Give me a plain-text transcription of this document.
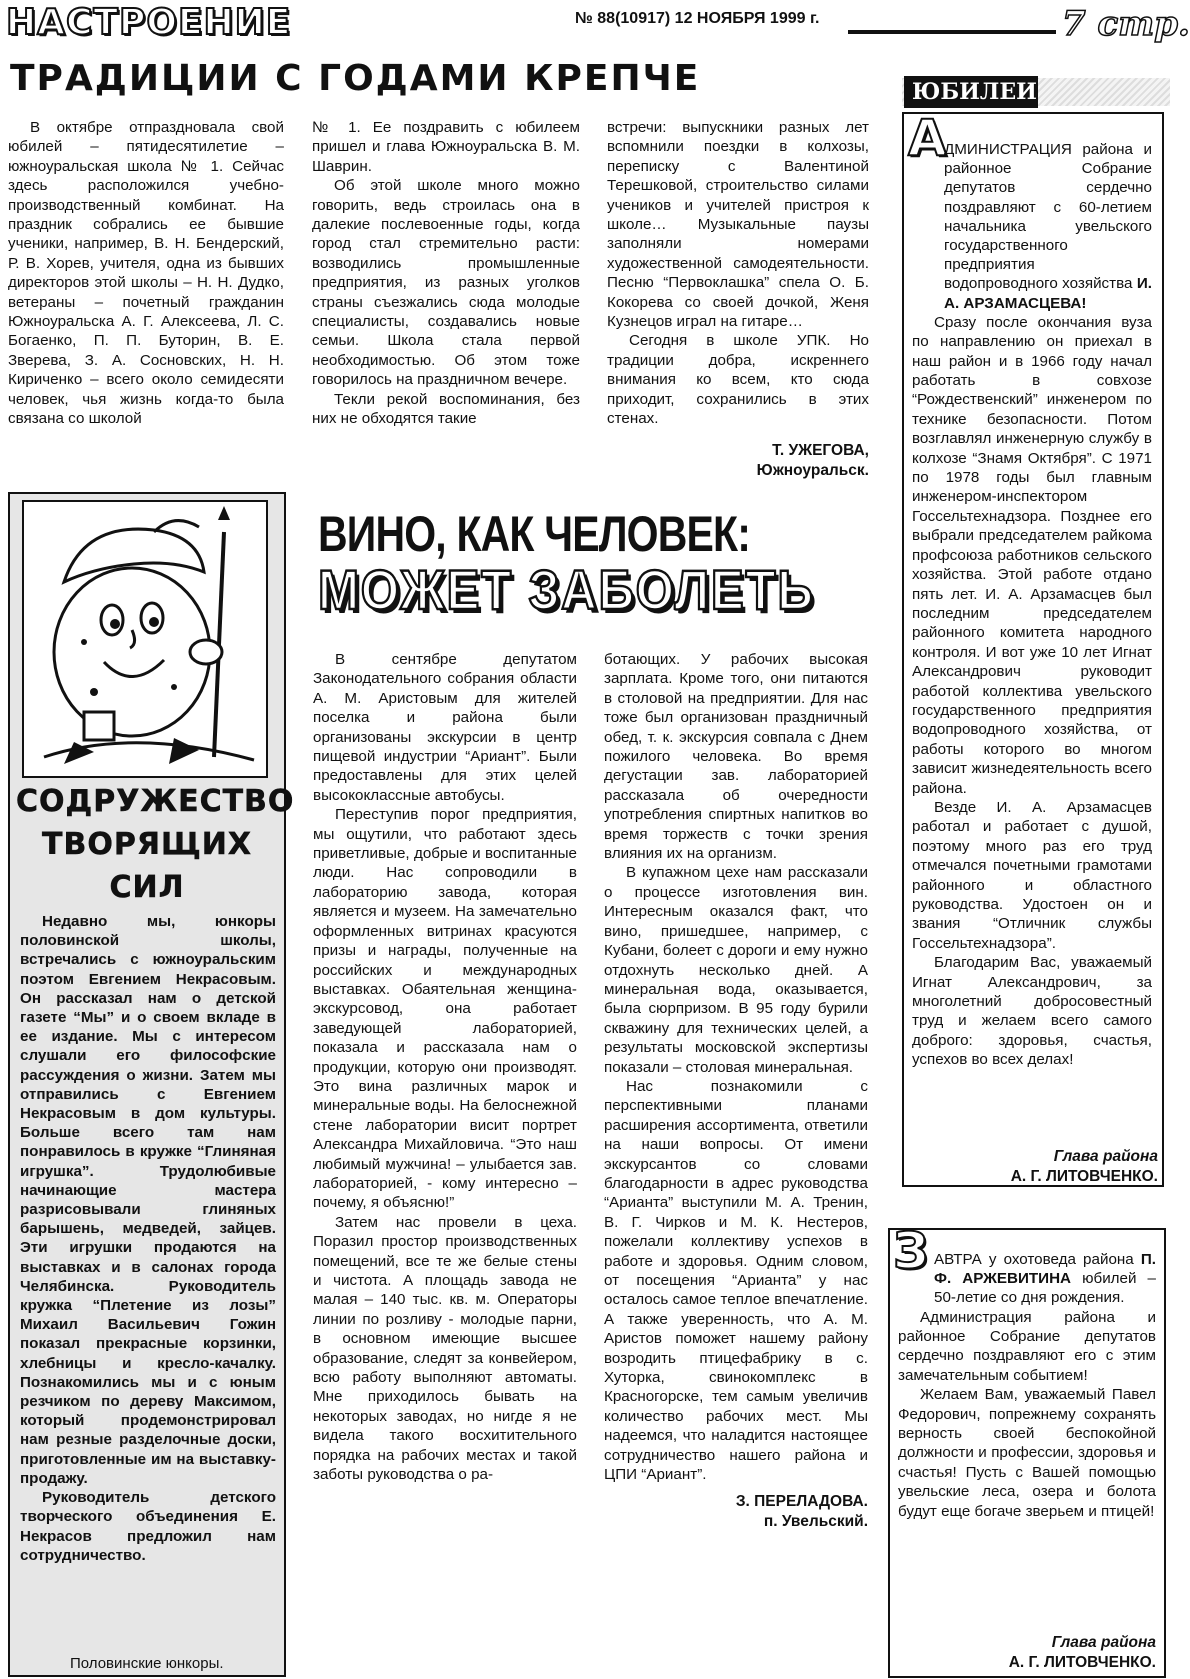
НАСТРОЕНИЕ	№ 88(10917) 12 НОЯБРЯ 1999 г.	7 стр.
ТРАДИЦИИ С ГОДАМИ КРЕПЧЕ

В октябре отпраздновала свой юбилей – пятидесятилетие – южноуральская школа № 1. Сейчас здесь расположился учебно-производственный комбинат. На праздник собрались ее бывшие ученики, например, В. Н. Бендерский, Р. В. Хорев, учителя, одна из бывших директоров этой школы – Н. Н. Дудко, ветераны – почетный гражданин Южноуральска А. Г. Алексеева, Л. С. Богаенко, П. П. Буторин, В. Е. Зверева, З. А. Сосновских, Н. Н. Кириченко – всего около семидесяти человек, чья жизнь когда-то была связана со школой

№ 1. Ее поздравить с юбилеем пришел и глава Южноуральска В. М. Шаврин.

Об этой школе много можно говорить, ведь строилась она в далекие послевоенные годы, когда город стал стремительно расти: возводились промышленные предприятия, из разных уголков страны съезжались сюда молодые специалисты, создавались новые семьи. Школа стала первой необходимостью. Об этом тоже говорилось на праздничном вечере.

Текли рекой воспоминания, без них не обходятся такие

встречи: выпускники разных лет вспомнили поездки в колхозы, переписку с Валентиной Терешковой, строительство силами учеников и учителей пристроя к школе… Музыкальные паузы заполняли номерами художественной самодеятельности. Песню “Первоклашка” спела О. Б. Кокорева со своей дочкой, Женя Кузнецов играл на гитаре…

Сегодня в школе УПК. Но традиции добра, искреннего внимания ко всем, кто сюда приходит, сохранились в этих стенах.

Т. УЖЕГОВА,

Южноуральск.

СОДРУЖЕСТВО
ТВОРЯЩИХ
СИЛ

Недавно мы, юнкоры половинской школы, встречались с южноуральским поэтом Евгением Некрасовым. Он рассказал нам о детской газете “Мы” и о своем вкладе в ее издание. Мы с интересом слушали его философские рассуждения о жизни. Затем мы отправились с Евгением Некрасовым в дом культуры. Больше всего там нам понравилось в кружке “Глиняная игрушка”. Трудолюбивые начинающие мастера разрисовывали глиняных барышень, медведей, зайцев. Эти игрушки продаются на выставках и в салонах города Челябинска. Руководитель кружка “Плетение из лозы” Михаил Васильевич Гожин показал прекрасные корзинки, хлебницы и кресло-качалку. Познакомились мы и с юным резчиком по дереву Максимом, который продемонстрировал нам резные разделочные доски, приготовленные им на выставку-продажу.

Руководитель детского творческого объединения Е. Некрасов предложил нам сотрудничество.

Половинские юнкоры.
ВИНО, КАК ЧЕЛОВЕК:
МОЖЕТ ЗАБОЛЕТЬ

В сентябре депутатом Законодательного собрания области А. М. Аристовым для жителей поселка и района были организованы экскурсии в центр пищевой индустрии “Ариант”. Были предоставлены для этих целей высококлассные автобусы.

Переступив порог предприятия, мы ощутили, что работают здесь приветливые, добрые и воспитанные люди. Нас сопроводили в лабораторию завода, которая является и музеем. На замечательно оформленных витринах красуются призы и награды, полученные на российских и международных выставках. Обаятельная женщина-экскурсовод, она работает заведующей лабораторией, показала и рассказала нам о продукции, которую они производят. Это вина различных марок и минеральные воды. На белоснежной стене лаборатории висит портрет Александра Михайловича. “Это наш любимый мужчина! – улыбается зав. лабораторией, - кому интересно – почему, я объясню!”

Затем нас провели в цеха. Поразил простор производственных помещений, все те же белые стены и чистота. А площадь завода не малая – 140 тыс. кв. м. Операторы линии по розливу - молодые парни, в основном имеющие высшее образование, следят за конвейером, всю работу выполняют автоматы. Мне приходилось бывать на некоторых заводах, но нигде я не видела такого восхитительного порядка на рабочих местах и такой заботы руководства о ра-

ботающих. У рабочих высокая зарплата. Кроме того, они питаются в столовой на предприятии. Для нас тоже был организован праздничный обед, т. к. экскурсия совпала с Днем пожилого человека. Во время дегустации зав. лабораторией рассказала об очередности употребления спиртных напитков во время торжеств с точки зрения влияния их на организм.

В купажном цехе нам рассказали о процессе изготовления вин. Интересным оказался факт, что вино, пришедшее, например, с Кубани, болеет с дороги и ему нужно отдохнуть несколько дней. А минеральная вода, оказывается, была сюрпризом. В 95 году бурили скважину для технических целей, а результаты московской экспертизы показали – столовая минеральная.

Нас познакомили с перспективными планами расширения ассортимента, ответили на наши вопросы. От имени экскурсантов со словами благодарности в адрес руководства “Арианта” выступили М. А. Тренин, В. Г. Чирков и М. К. Нестеров, пожелали коллективу успехов в работе и здоровья. Одним словом, от посещения “Арианта” у нас осталось самое теплое впечатление. А также уверенность, что А. М. Аристов поможет нашему району возродить птицефабрику в с. Хуторка, свинокомплекс в Красногорске, тем самым увеличив количество рабочих мест. Мы надеемся, что наладится настоящее сотрудничество нашего района и ЦПИ “Ариант”.

З. ПЕРЕЛАДОВА.

п. Увельский.

ЮБИЛЕИ
А
ДМИНИСТРАЦИЯ района и районное Собрание депутатов сердечно поздравляют с 60-летием начальника увельского государственного предприятия водопроводного хозяйства И. А. АРЗАМАСЦЕВА!

Сразу после окончания вуза по направлению он приехал в наш район и в 1966 году начал работать в совхозе “Рождественский” инженером по технике безопасности. Потом возглавлял инженерную службу в колхозе “Знамя Октября”. С 1971 по 1978 годы был главным инженером-инспектором Госсельтехнадзора. Позднее его выбрали председателем райкома профсоюза работников сельского хозяйства. Этой работе отдано пять лет. И. А. Арзамасцев был последним председателем районного комитета народного контроля. И вот уже 10 лет Игнат Александрович руководит работой коллектива увельского государственного предприятия водопроводного хозяйства, от работы которого во многом зависит жизнедеятельность всего района.

Везде И. А. Арзамасцев работал и работает с душой, поэтому много раз его труд отмечался почетными грамотами районного и областного руководства. Удостоен он и звания “Отличник службы Госсельтехнадзора”.

Благодарим Вас, уважаемый Игнат Александрович, за многолетний добросовестный труд и желаем всего самого доброго: здоровья, счастья, успехов во всех делах!

Глава района

А. Г. ЛИТОВЧЕНКО.

З АВТРА у охотоведа района П. Ф. АРЖЕВИТИНА юбилей – 50-летие со дня рождения.

Администрация района и районное Собрание депутатов сердечно поздравляют его с этим замечательным событием!

Желаем Вам, уважаемый Павел Федорович, попрежнему сохранять верность своей беспокойной должности и профессии, здоровья и счастья! Пусть с Вашей помощью увельские леса, озера и болота будут еще богаче зверьем и птицей!

Глава района

А. Г. ЛИТОВЧЕНКО.
